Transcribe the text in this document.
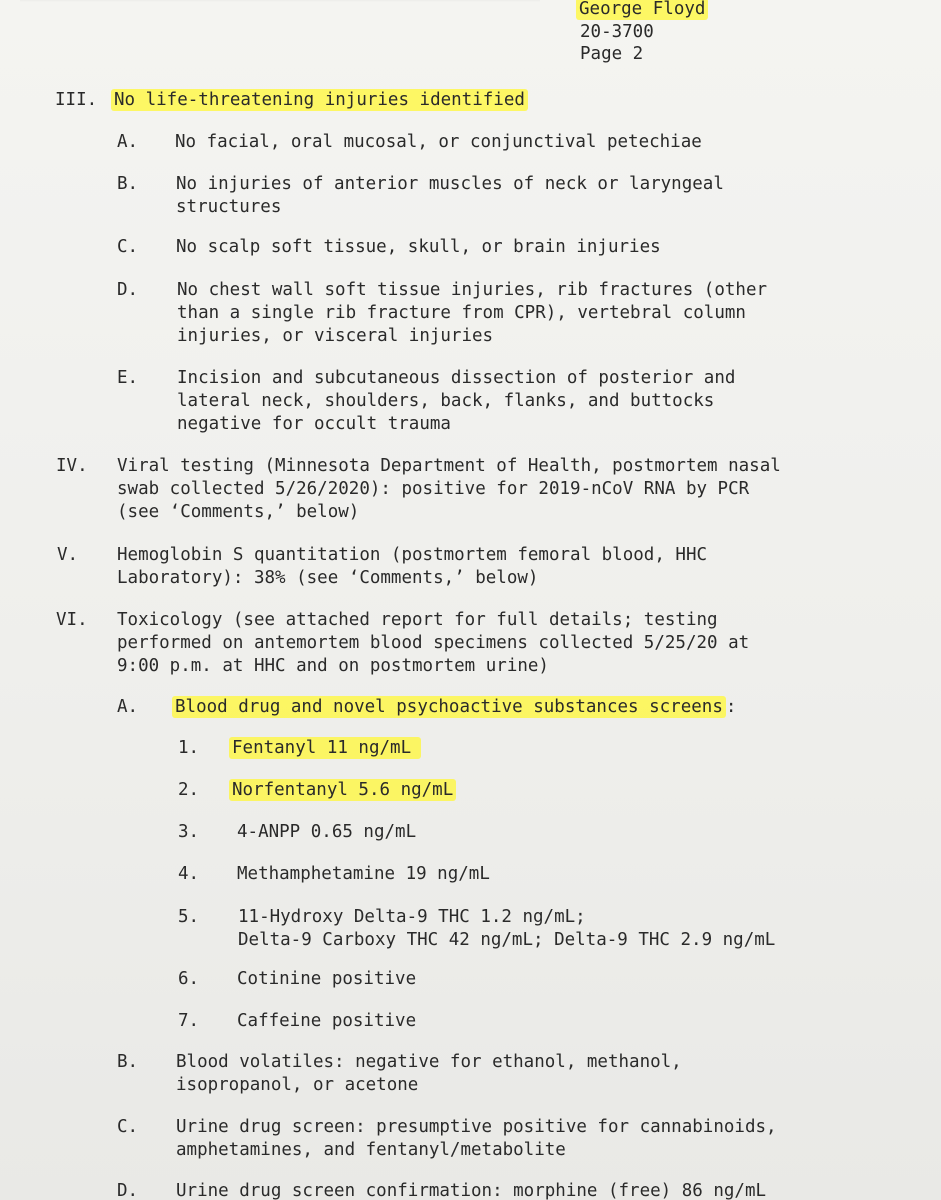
George Floyd

20-3700

Page 2

III. No life-threatening injuries identified

A. No facial, oral mucosal, or conjunctival petechiae

B. No injuries of anterior muscles of neck or laryngeal

structures

C. No scalp soft tissue, skull, or brain injuries

D. No chest wall soft tissue injuries, rib fractures (other

than a single rib fracture from CPR), vertebral column

injuries, or visceral injuries

E. Incision and subcutaneous dissection of posterior and

lateral neck, shoulders, back, flanks, and buttocks

negative for occult trauma

IV. Viral testing (Minnesota Department of Health, postmortem nasal

swab collected 5/26/2020): positive for 2019-nCoV RNA by PCR

(see ‘Comments,’ below)

V. Hemoglobin S quantitation (postmortem femoral blood, HHC

Laboratory): 38% (see ‘Comments,’ below)

VI. Toxicology (see attached report for full details; testing

performed on antemortem blood specimens collected 5/25/20 at

9:00 p.m. at HHC and on postmortem urine)

A. Blood drug and novel psychoactive substances screens :

1. Fentanyl 11 ng/mL

2. Norfentanyl 5.6 ng/mL

3. 4-ANPP 0.65 ng/mL

4. Methamphetamine 19 ng/mL

5. 11-Hydroxy Delta-9 THC 1.2 ng/mL;

Delta-9 Carboxy THC 42 ng/mL; Delta-9 THC 2.9 ng/mL

6. Cotinine positive

7. Caffeine positive

B. Blood volatiles: negative for ethanol, methanol,

isopropanol, or acetone

C. Urine drug screen: presumptive positive for cannabinoids,

amphetamines, and fentanyl/metabolite

D. Urine drug screen confirmation: morphine (free) 86 ng/mL
